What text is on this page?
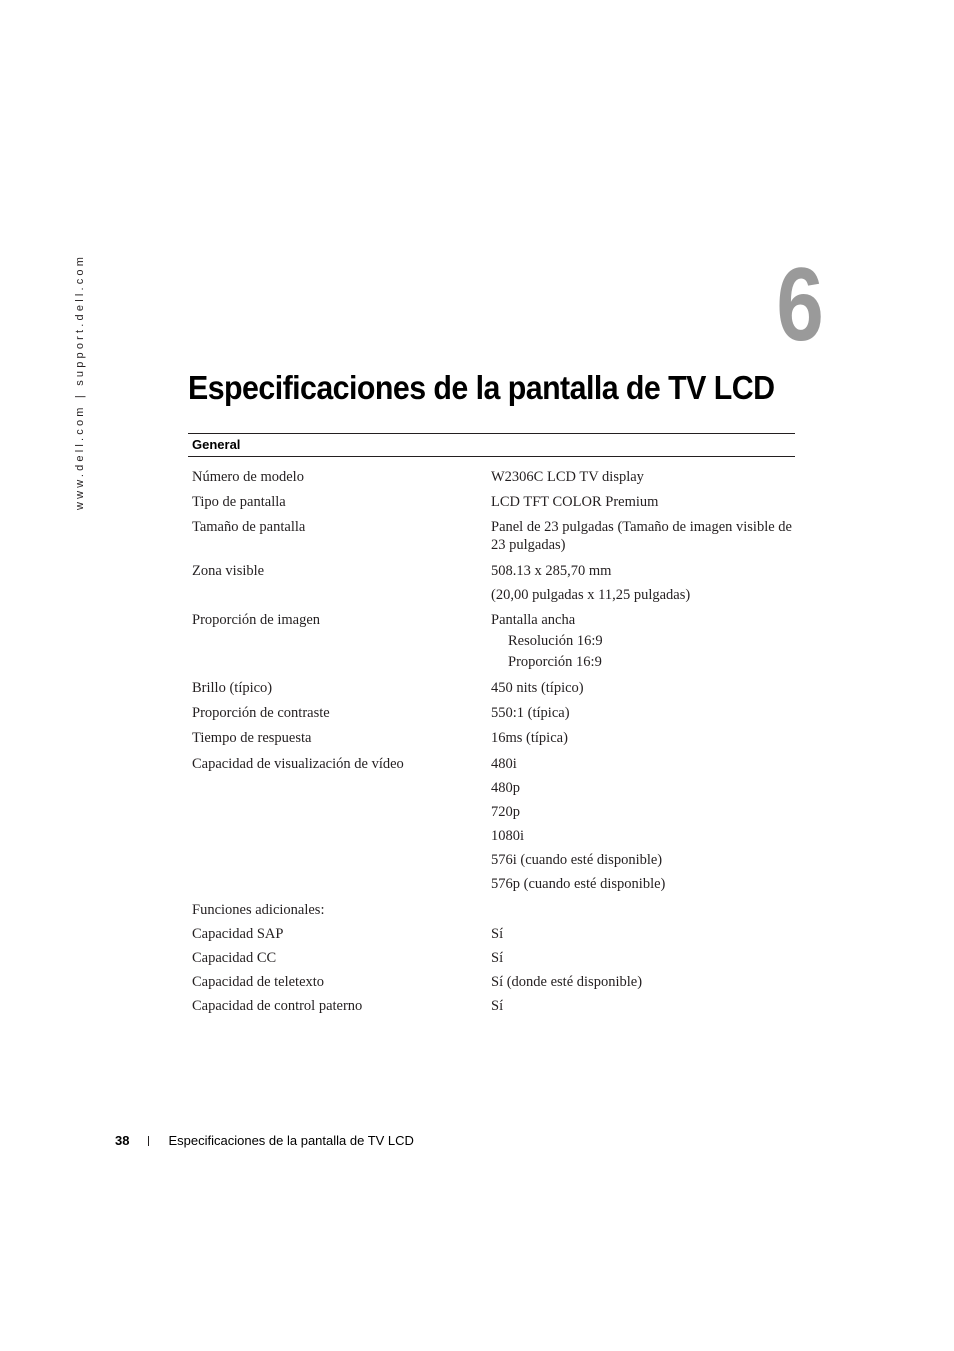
www.dell.com | support.dell.com	6
Especificaciones de la pantalla de TV LCD
General
Número de modelo	W2306C LCD TV display
Tipo de pantalla	LCD TFT COLOR Premium
Tamaño de pantalla	Panel de 23 pulgadas (Tamaño de imagen visible de 23 pulgadas)
Zona visible	508.13 x 285,70 mm
(20,00 pulgadas x 11,25 pulgadas)
Proporción de imagen	Pantalla ancha
Resolución 16:9
Proporción 16:9
Brillo (típico)	450 nits (típico)
Proporción de contraste	550:1 (típica)
Tiempo de respuesta	16ms (típica)
Capacidad de visualización de vídeo	480i
480p
720p
1080i
576i (cuando esté disponible)
576p (cuando esté disponible)
Funciones adicionales:
Capacidad SAP	Sí
Capacidad CC	Sí
Capacidad de teletexto	Sí (donde esté disponible)
Capacidad de control paterno	Sí
38	Especificaciones de la pantalla de TV LCD
